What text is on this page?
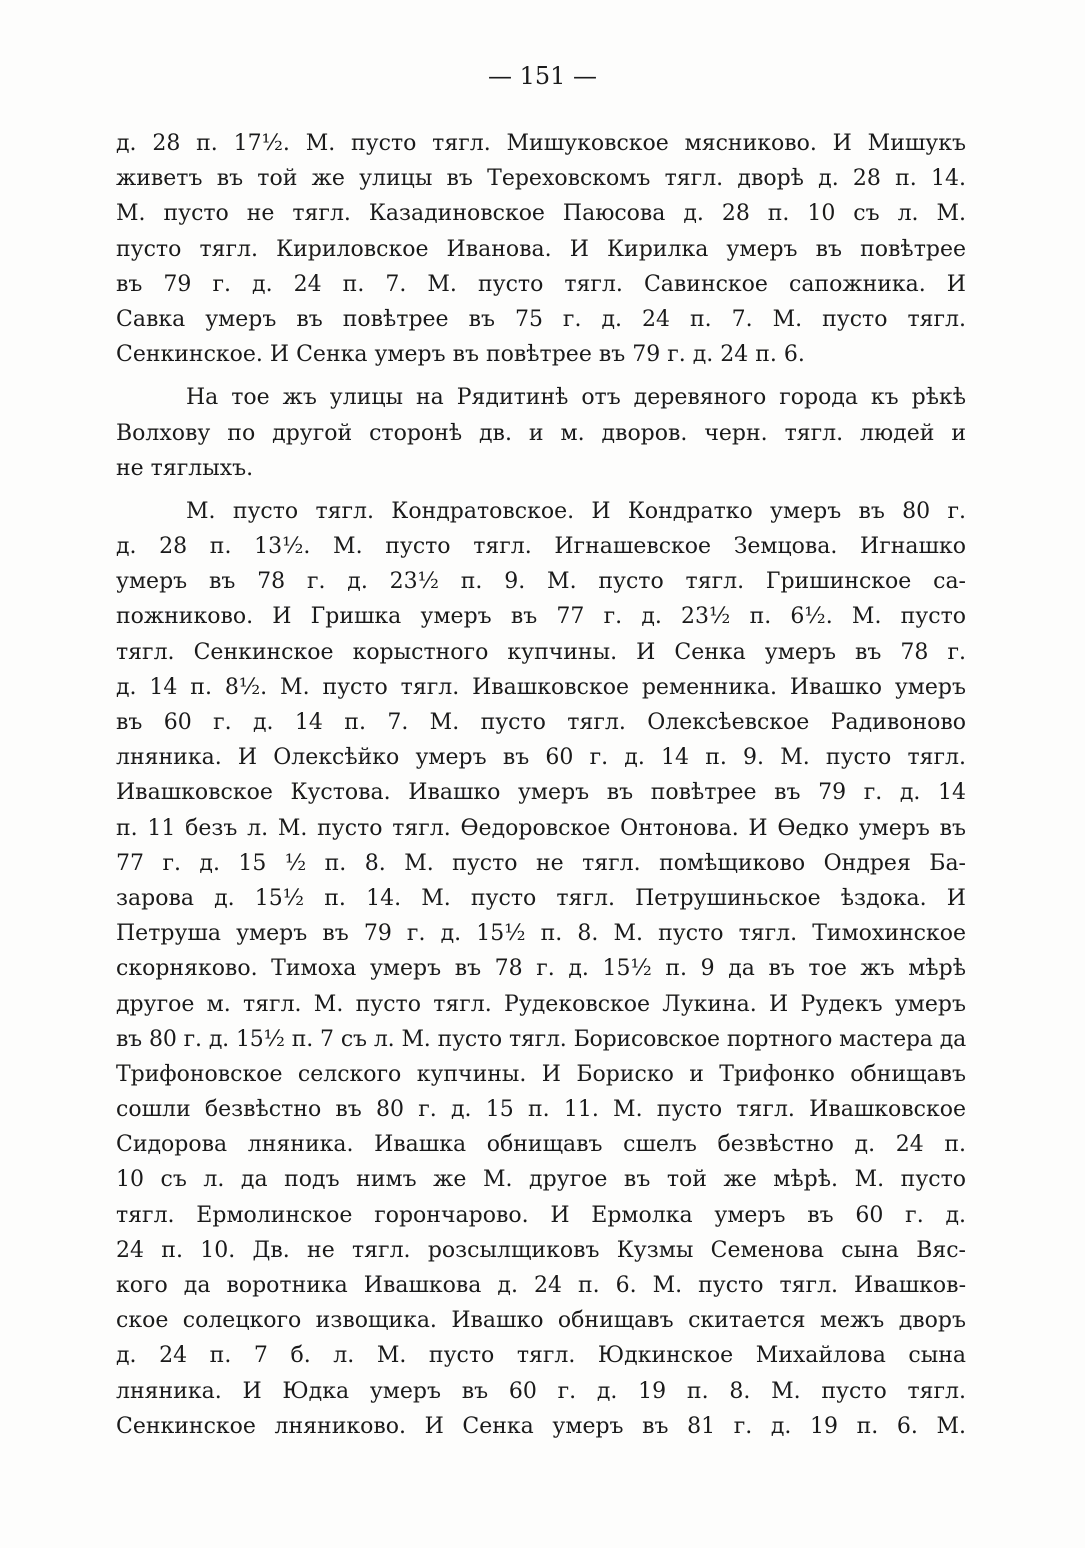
— 151 —
д. 28 п. 17½. М. пусто тягл. Мишуковское мясниково. И Мишукъ
живетъ въ той же улицы въ Тереховскомъ тягл. дворѣ д. 28 п. 14.
М. пусто не тягл. Казадиновское Паюсова д. 28 п. 10 съ л. М.
пусто тягл. Кириловское Иванова. И Кирилка умеръ въ повѣтрее
въ 79 г. д. 24 п. 7. М. пусто тягл. Савинское сапожника. И
Савка умеръ въ повѣтрее въ 75 г. д. 24 п. 7. М. пусто тягл.
Сенкинское. И Сенка умеръ въ повѣтрее въ 79 г. д. 24 п. 6.
На тое жъ улицы на Рядитинѣ отъ деревяного города къ рѣкѣ
Волхову по другой сторонѣ дв. и м. дворов. черн. тягл. людей и
не тяглыхъ.
М. пусто тягл. Кондратовское. И Кондратко умеръ въ 80 г.
д. 28 п. 13½. М. пусто тягл. Игнашевское Земцова. Игнашко
умеръ въ 78 г. д. 23½ п. 9. М. пусто тягл. Гришинское са-
пожниково. И Гришка умеръ въ 77 г. д. 23½ п. 6½. М. пусто
тягл. Сенкинское корыстного купчины. И Сенка умеръ въ 78 г.
д. 14 п. 8½. М. пусто тягл. Ивашковское ременника. Ивашко умеръ
въ 60 г. д. 14 п. 7. М. пусто тягл. Олексѣевское Радивоново
лняника. И Олексѣйко умеръ въ 60 г. д. 14 п. 9. М. пусто тягл.
Ивашковское Кустова. Ивашко умеръ въ повѣтрее въ 79 г. д. 14
п. 11 безъ л. М. пусто тягл. Ѳедоровское Онтонова. И Ѳедко умеръ въ
77 г. д. 15 ½ п. 8. М. пусто не тягл. помѣщиково Ондрея Ба-
зарова д. 15½ п. 14. М. пусто тягл. Петрушиньское ѣздока. И
Петруша умеръ въ 79 г. д. 15½ п. 8. М. пусто тягл. Тимохинское
скорняково. Тимоха умеръ въ 78 г. д. 15½ п. 9 да въ тое жъ мѣрѣ
другое м. тягл. М. пусто тягл. Рудековское Лукина. И Рудекъ умеръ
въ 80 г. д. 15½ п. 7 съ л. М. пусто тягл. Борисовское портного мастера да
Трифоновское селского купчины. И Бориско и Трифонко обнищавъ
сошли безвѣстно въ 80 г. д. 15 п. 11. М. пусто тягл. Ивашковское
Сидорова лняника. Ивашка обнищавъ сшелъ безвѣстно д. 24 п.
10 съ л. да подъ нимъ же М. другое въ той же мѣрѣ. М. пусто
тягл. Ермолинское горончарово. И Ермолка умеръ въ 60 г. д.
24 п. 10. Дв. не тягл. розсылщиковъ Кузмы Семенова сына Вяс-
кого да воротника Ивашкова д. 24 п. 6. М. пусто тягл. Ивашков-
ское солецкого извощика. Ивашко обнищавъ скитается межъ дворъ
д. 24 п. 7 б. л. М. пусто тягл. Юдкинское Михайлова сына
лняника. И Юдка умеръ въ 60 г. д. 19 п. 8. М. пусто тягл.
Сенкинское лняниково. И Сенка умеръ въ 81 г. д. 19 п. 6. М.
